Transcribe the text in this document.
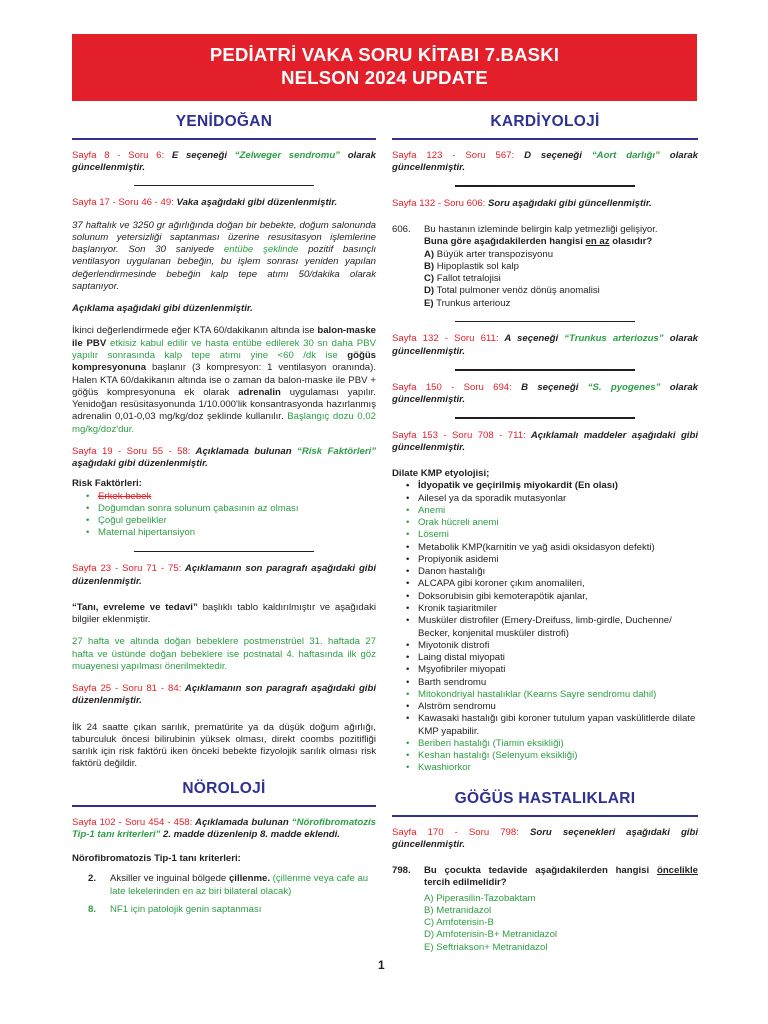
PEDİATRİ VAKA SORU KİTABI 7.BASKI
NELSON 2024 UPDATE
YENİDOĞAN
Sayfa 8 - Soru 6: E seçeneği “Zelweger sendromu” olarak güncellenmiştir.
Sayfa 17 - Soru 46 - 49: Vaka aşağıdaki gibi düzenlenmiştir.
37 haftalık ve 3250 gr ağırlığında doğan bir bebekte, doğum salonunda solunum yetersizliği saptanması üzerine resusitasyon işlemlerine başlanıyor. Son 30 saniyede entübe şeklinde pozitif basınçlı ventilasyon uygulanan bebeğin, bu işlem sonrası yeniden yapılan değerlendirmesinde bebeğin kalp tepe atımı 50/dakika olarak saptanıyor.
Açıklama aşağıdaki gibi düzenlenmiştir.
İkinci değerlendirmede eğer KTA 60/dakikanın altında ise balon-maske ile PBV etkisiz kabul edilir ve hasta entübe edilerek 30 sn daha PBV yapılır sonrasında kalp tepe atımı yine <60 /dk ise göğüs kompresyonuna başlanır (3 kompresyon: 1 ventilasyon oranında). Halen KTA 60/dakikanın altında ise o zaman da balon-maske ile PBV + göğüs kompresyonuna ek olarak adrenalin uygulaması yapılır. Yenidoğan resüsitasyonunda 1/10.000'lik konsantrasyonda hazırlanmış adrenalin 0,01-0,03 mg/kg/doz şeklinde kullanılır. Başlangıç dozu 0,02 mg/kg/doz'dur.
Sayfa 19 - Soru 55 - 58: Açıklamada bulunan “Risk Faktörleri” aşağıdaki gibi düzenlenmiştir.
Risk Faktörleri:
• Erkek bebek
• Doğumdan sonra solunum çabasının az olması
• Çoğul gebelikler
• Maternal hipertansiyon
Sayfa 23 - Soru 71 - 75: Açıklamanın son paragrafı aşağıdaki gibi düzenlenmiştir.
“Tanı, evreleme ve tedavi” başlıklı tablo kaldırılmıştır ve aşağıdaki bilgiler eklenmiştir.
27 hafta ve altında doğan bebeklere postmenstrüel 31. haftada 27 hafta ve üstünde doğan bebeklere ise postnatal 4. haftasında ilk göz muayenesi yapılması önerilmektedir.
Sayfa 25 - Soru 81 - 84: Açıklamanın son paragrafı aşağıdaki gibi düzenlenmiştir.
İlk 24 saatte çıkan sarılık, prematürite ya da düşük doğum ağırlığı, taburculuk öncesi bilirubinin yüksek olması, direkt coombs pozitifliği sarılık için risk faktörü iken önceki bebekte fizyolojik sarılık olması risk faktörü değildir.
NÖROLOJİ
Sayfa 102 - Soru 454 - 458: Açıklamada bulunan “Nörofibromatozis Tip-1 tanı kriterleri” 2. madde düzenlenip 8. madde eklendi.
Nörofibromatozis Tip-1 tanı kriterleri:
2.	Aksiller ve inguinal bölgede çillenme. (çillenme veya cafe au late lekelerinden en az biri bilateral olacak)
8.	NF1 için patolojik genin saptanması
KARDİYOLOJİ
Sayfa 123 - Soru 567: D seçeneği “Aort darlığı” olarak güncellenmiştir.
Sayfa 132 - Soru 606: Soru aşağıdaki gibi güncellenmiştir.
606.	Bu hastanın izleminde belirgin kalp yetmezliği gelişiyor.
Buna göre aşağıdakilerden hangisi en az olasıdır?
A) Büyük arter transpozisyonu
B) Hipoplastik sol kalp
C) Fallot tetralojisi
D) Total pulmoner venöz dönüş anomalisi
E) Trunkus arteriouz
Sayfa 132 - Soru 611: A seçeneği “Trunkus arteriozus” olarak güncellenmiştir.
Sayfa 150 - Soru 694: B seçeneği “S. pyogenes” olarak güncellenmiştir.
Sayfa 153 - Soru 708 - 711: Açıklamalı maddeler aşağıdaki gibi güncellenmiştir.
Dilate KMP etyolojisi;
• İdyopatik ve geçirilmiş miyokardit (En olası)
• Ailesel ya da sporadik mutasyonlar
• Anemi
• Orak hücreli anemi
• Lösemi
• Metabolik KMP(karnitin ve yağ asidi oksidasyon defekti)
• Propiyonik asidemi
• Danon hastalığı
• ALCAPA gibi koroner çıkım anomalileri,
• Doksorubisin gibi kemoterapötik ajanlar,
• Kronik taşiaritmiler
• Musküler distrofiler (Emery-Dreifuss, limb-girdle, Duchenne/ Becker, konjenital musküler distrofi)
• Miyotonik distrofi
• Laing distal miyopati
• Mşyofibriler miyopati
• Barth sendromu
• Mitokondriyal hastalıklar (Kearns Sayre sendromu dahil)
• Alström sendromu
• Kawasaki hastalığı gibi koroner tutulum yapan vaskülitlerde dilate KMP yapabilir.
• Beriberi hastalığı (Tiamin eksikliği)
• Keshan hastalığı (Selenyum eksikliği)
• Kwashiorkor
GÖĞÜS HASTALIKLARI
Sayfa 170 - Soru 798: Soru seçenekleri aşağıdaki gibi güncellenmiştir.
798.	Bu çocukta tedavide aşağıdakilerden hangisi öncelikle tercih edilmelidir?
A) Piperasilin-Tazobaktam
B) Metranidazol
C) Amfoterisin-B
D) Amfoterisin-B+ Metranidazol
E) Seftriakson+ Metranidazol
1
